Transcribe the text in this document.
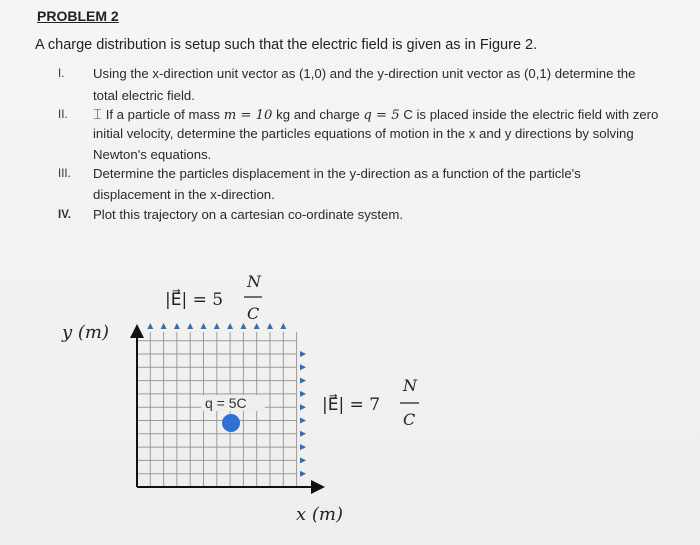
PROBLEM 2
A charge distribution is setup such that the electric field is given as in Figure 2.
I. Using the x-direction unit vector as (1,0) and the y-direction unit vector as (0,1) determine the
total electric field.
II. ⌶ If a particle of mass m = 10 kg and charge q = 5 C is placed inside the electric field with zero
initial velocity, determine the particles equations of motion in the x and y directions by solving
Newton's equations.
III. Determine the particles displacement in the y-direction as a function of the particle's
displacement in the x-direction.
IV. Plot this trajectory on a cartesian co-ordinate system.
y (m)
x (m)
|E⃗| = 5
N
C
|E⃗| = 7
N
C
q = 5C
